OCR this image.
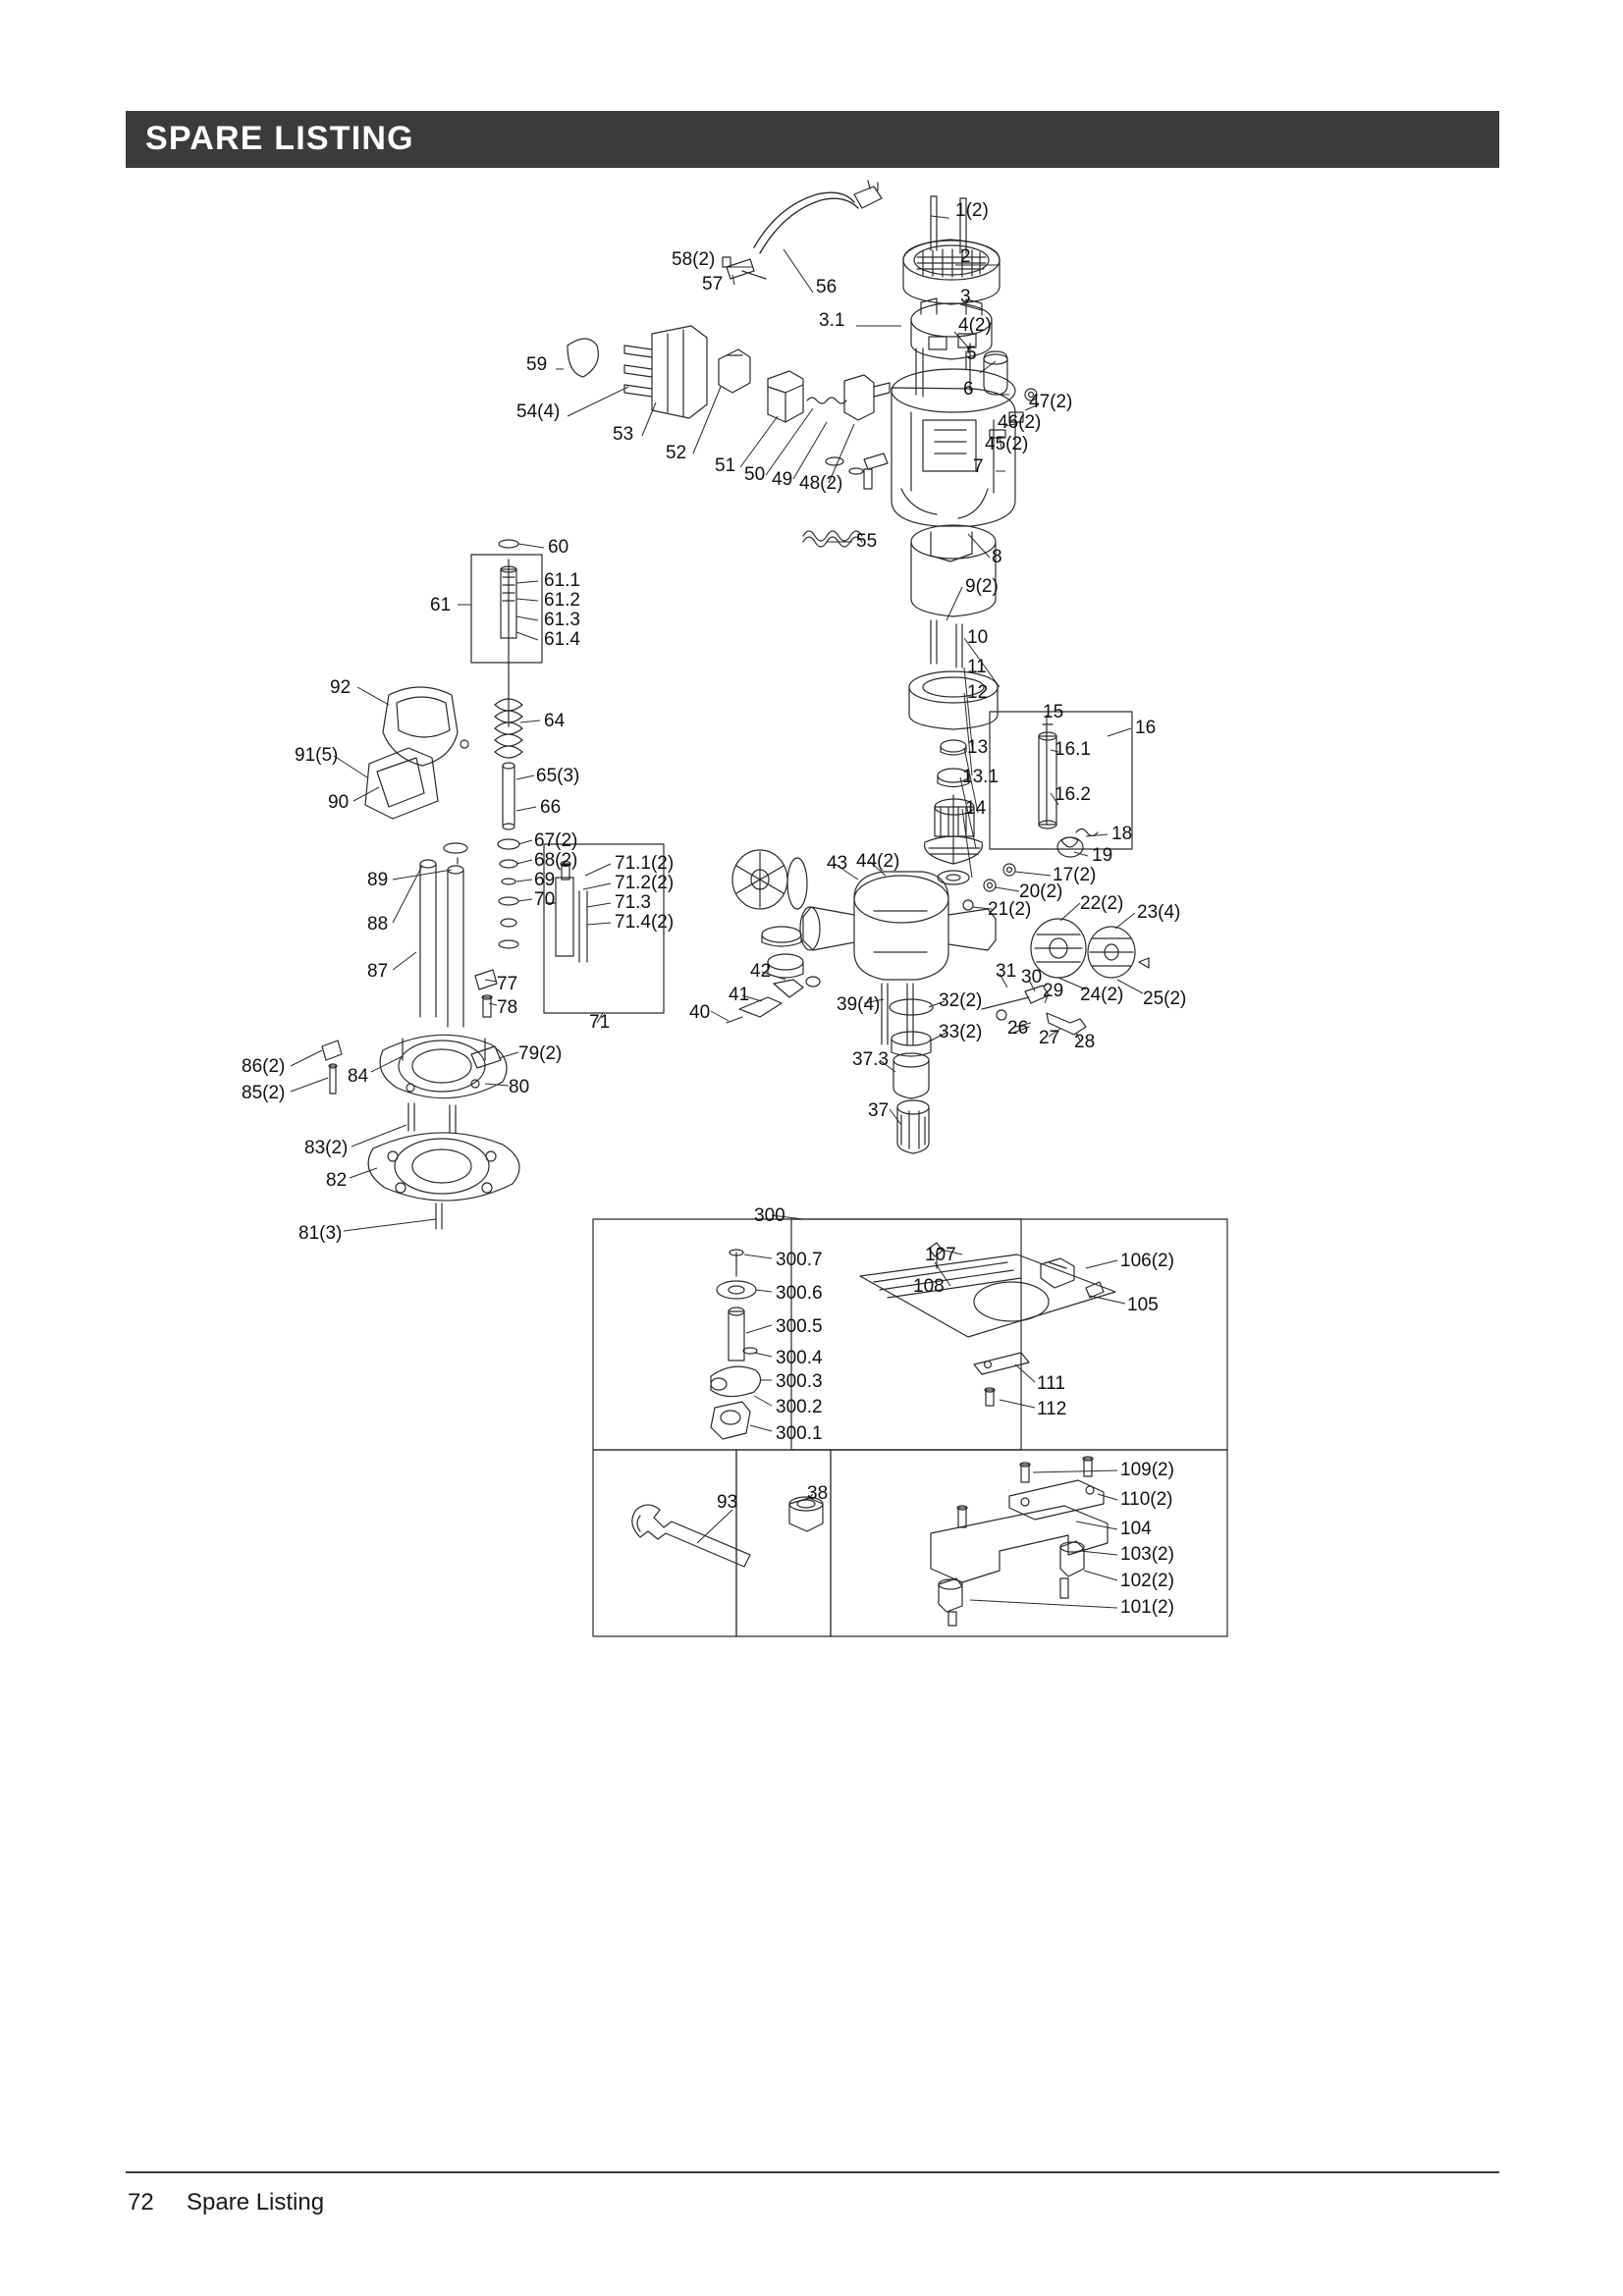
SPARE LISTING
1(2)
2
3
3.1	4(2)
5
6
47(2)
46(2)
45(2)
7
58(2)
57	56
59
54(4)
53
52
51 50 49 48(2)
55
8
9(2)
10
11
12
13
13.1
14
15
16
16.1
16.2
18
19
17(2)
20(2)
21(2)	22(2) 23(4)
24(2) 25(2)
43 44(2)
42
41
40	39(4)	32(2)
31 30
29
26 27 28
33(2)
37.3
37
60
61
61.1
61.2
61.3
61.4
92
91(5)
90
64
65(3)
66
67(2)
68(2)
69
70
89
88
87
71
71.1(2)
71.2(2)
71.3
71.4(2)
77
78
79(2)
80
84
86(2)
85(2)
83(2)
82
81(3)
300
300.7
300.6
300.5
300.4
300.3
300.2
300.1
107
108
106(2)
105
111
112
93	38
109(2)
110(2)
104
103(2)
102(2)
101(2)
72 Spare Listing
